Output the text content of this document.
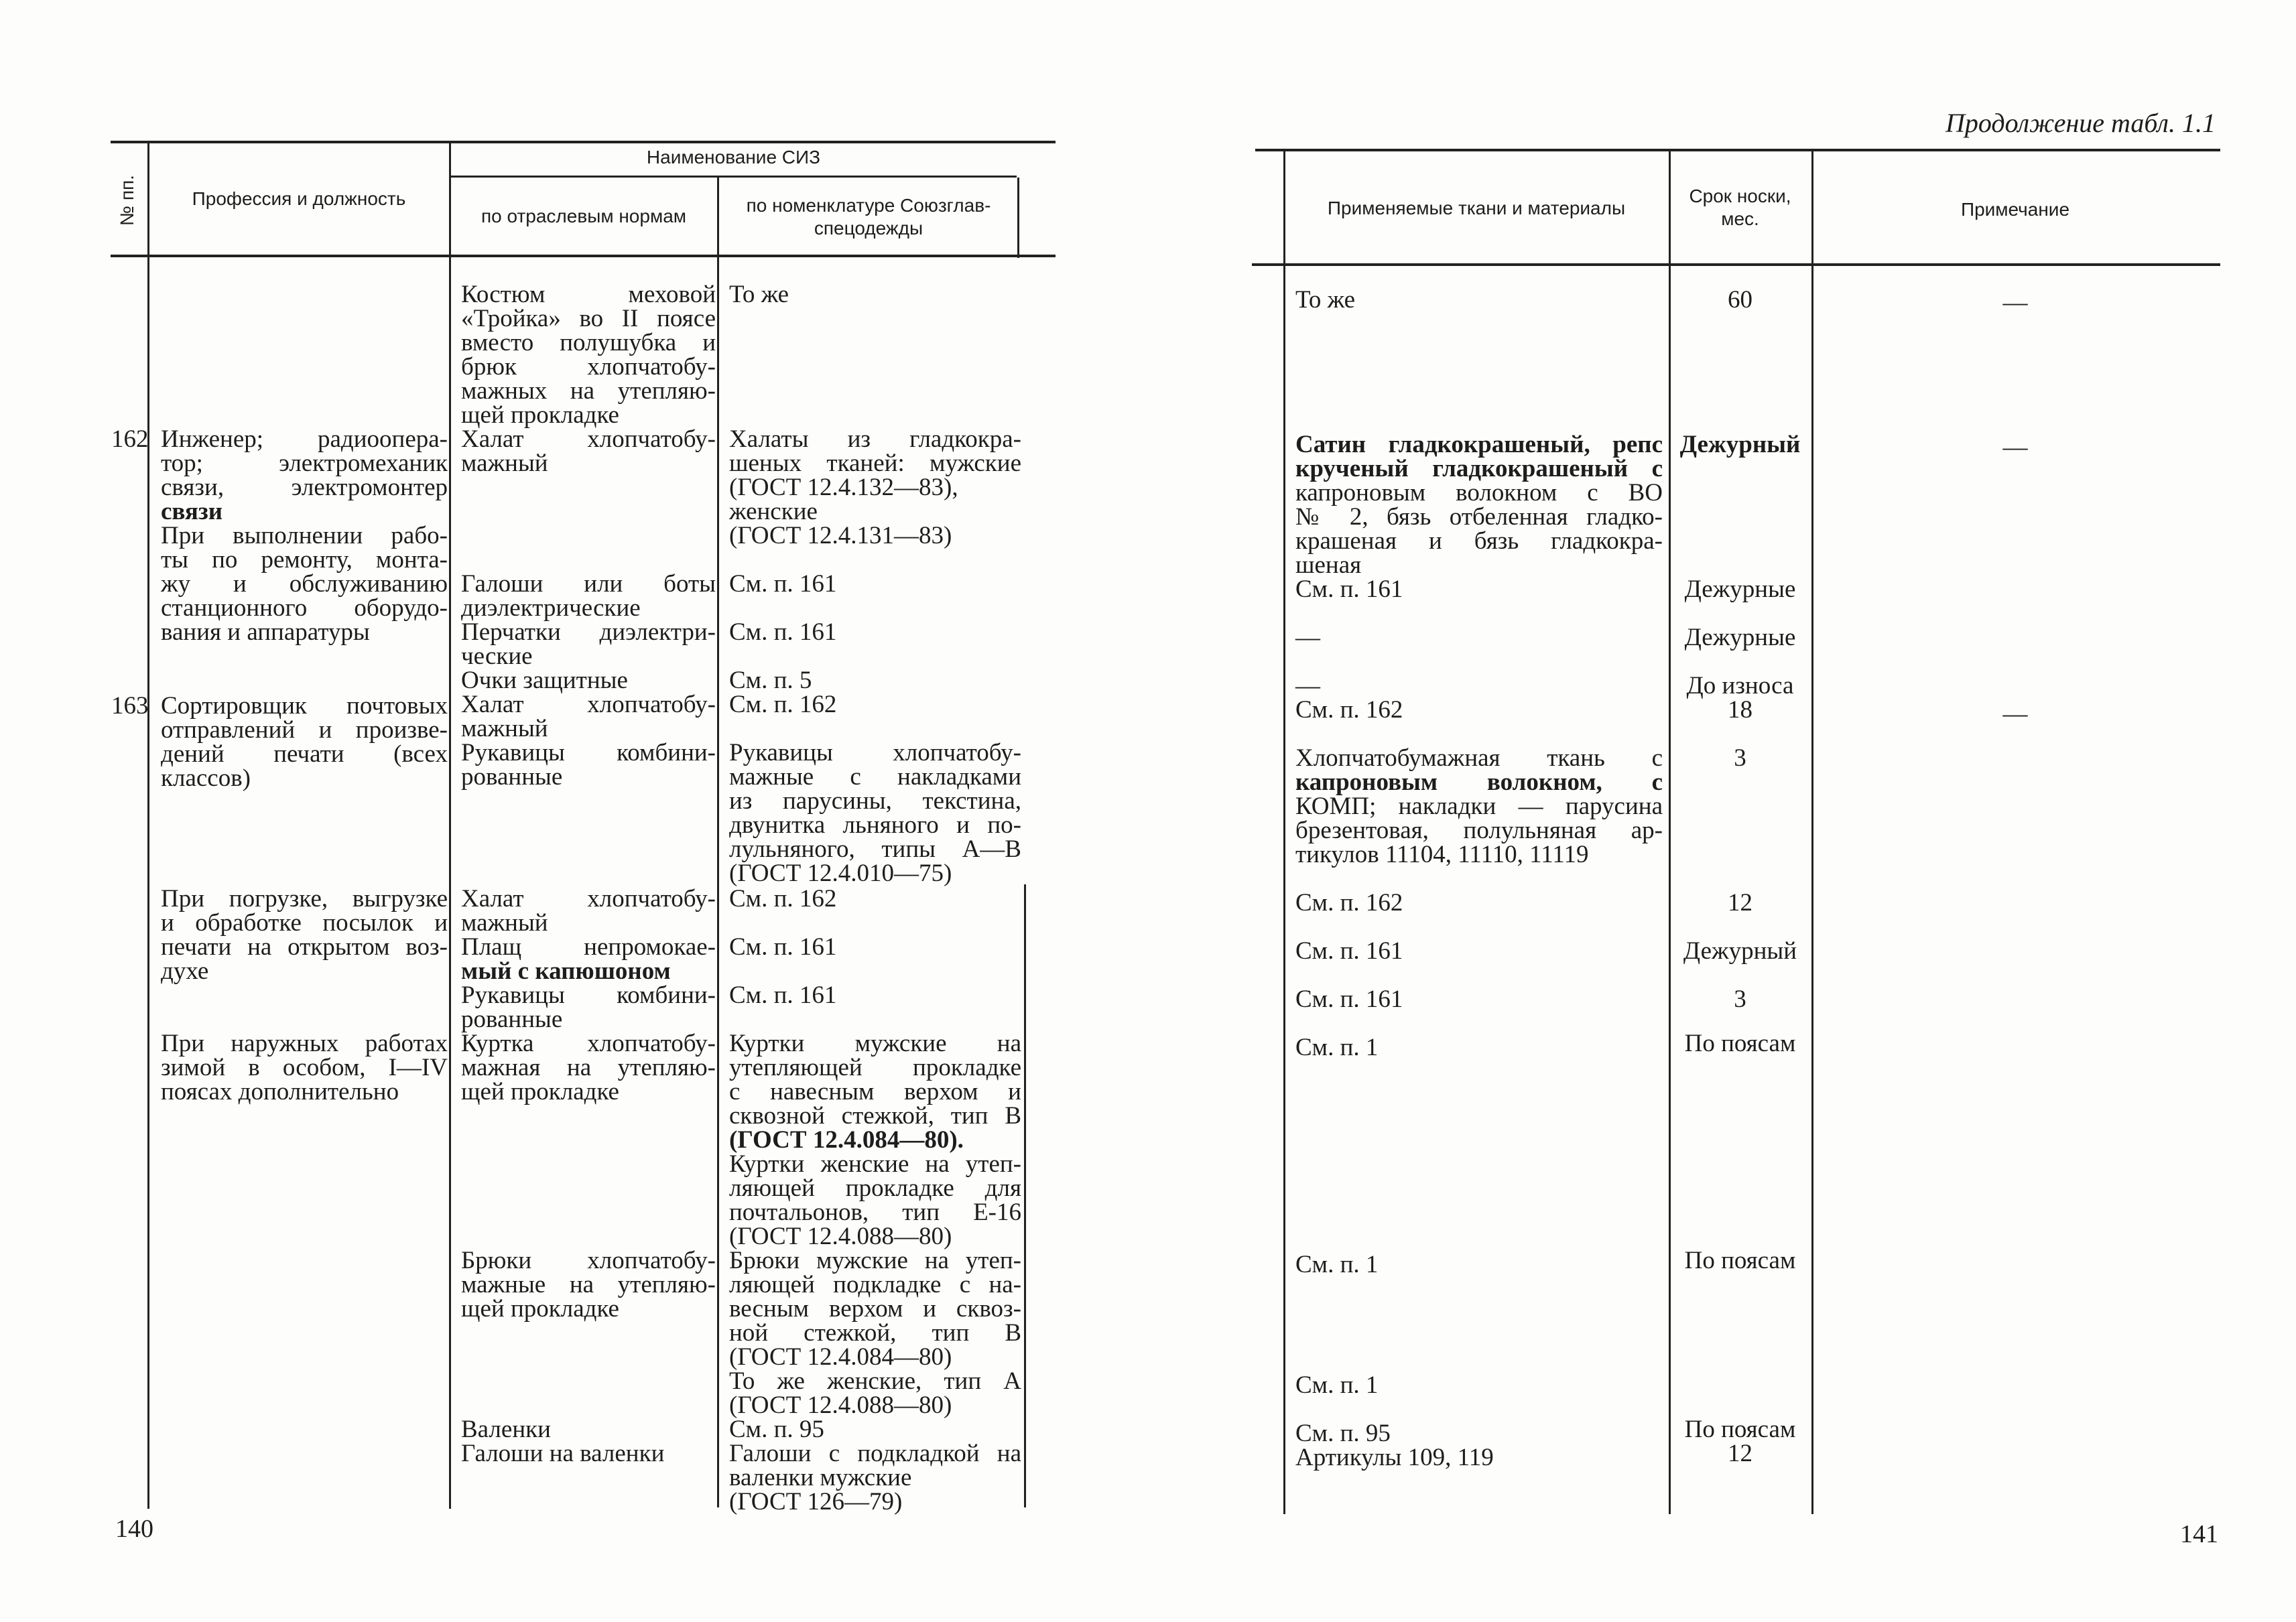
№ пп.	Профессия и должность
Наименование СИЗ
по отраслевым нормам
по номенклатуре Союзглав-спецодежды
162
163
Инженер; радиоопера-
тор; электромеханик
связи, электромонтер
связи
При выполнении рабо-
ты по ремонту, монта-
жу и обслуживанию
станционного оборудо-
вания и аппаратуры
Сортировщик почтовых
отправлений и произве-
дений печати (всех
классов)
При погрузке, выгрузке
и обработке посылок и
печати на открытом воз-
духе
При наружных работах
зимой в особом, I—IV
поясах дополнительно
Костюм меховой
«Тройка» во II поясе
вместо полушубка и
брюк хлопчатобу-
мажных на утепляю-
щей прокладке
Халат хлопчатобу-
мажный
Галоши или боты
диэлектрические
Перчатки диэлектри-
ческие
Очки защитные
Халат хлопчатобу-
мажный
Рукавицы комбини-
рованные
Халат хлопчатобу-
мажный
Плащ непромокае-
мый с капюшоном
Рукавицы комбини-
рованные
Куртка хлопчатобу-
мажная на утепляю-
щей прокладке
Брюки хлопчатобу-
мажные на утепляю-
щей прокладке
Валенки
Галоши на валенки
То же
Халаты из гладкокра-
шеных тканей: мужские
(ГОСТ 12.4.132—83),
женские
(ГОСТ 12.4.131—83)
См. п. 161
См. п. 161
См. п. 5
См. п. 162
Рукавицы хлопчатобу-
мажные с накладками
из парусины, текстина,
двунитка льняного и по-
лульняного, типы А—В
(ГОСТ 12.4.010—75)
См. п. 162
См. п. 161
См. п. 161
Куртки мужские на
утепляющей прокладке
с навесным верхом и
сквозной стежкой, тип В
(ГОСТ 12.4.084—80).
Куртки женские на утеп-
ляющей прокладке для
почтальонов, тип Е-16
(ГОСТ 12.4.088—80)
Брюки мужские на утеп-
ляющей подкладке с на-
весным верхом и сквоз-
ной стежкой, тип В
(ГОСТ 12.4.084—80)
То же женские, тип А
(ГОСТ 12.4.088—80)
См. п. 95
Галоши с подкладкой на
валенки мужские
(ГОСТ 126—79)
140
Продолжение табл. 1.1
Применяемые ткани и материалы
Срок носки, мес.	Примечание
То же
Сатин гладкокрашеный, репс
крученый гладкокрашеный с
капроновым волокном с ВО
№ 2, бязь отбеленная гладко-
крашеная и бязь гладкокра-
шеная
См. п. 161
—
—
См. п. 162
Хлопчатобумажная ткань с
капроновым волокном, с
КОМП; накладки — парусина
брезентовая, полульняная ар-
тикулов 11104, 11110, 11119
См. п. 162
См. п. 161
См. п. 161
См. п. 1
См. п. 1
См. п. 1
См. п. 95
Артикулы 109, 119
60
Дежурный
Дежурные
Дежурные
До износа
18
3
12
Дежурный
3
По поясам
По поясам
По поясам
12
—
—
—
141
